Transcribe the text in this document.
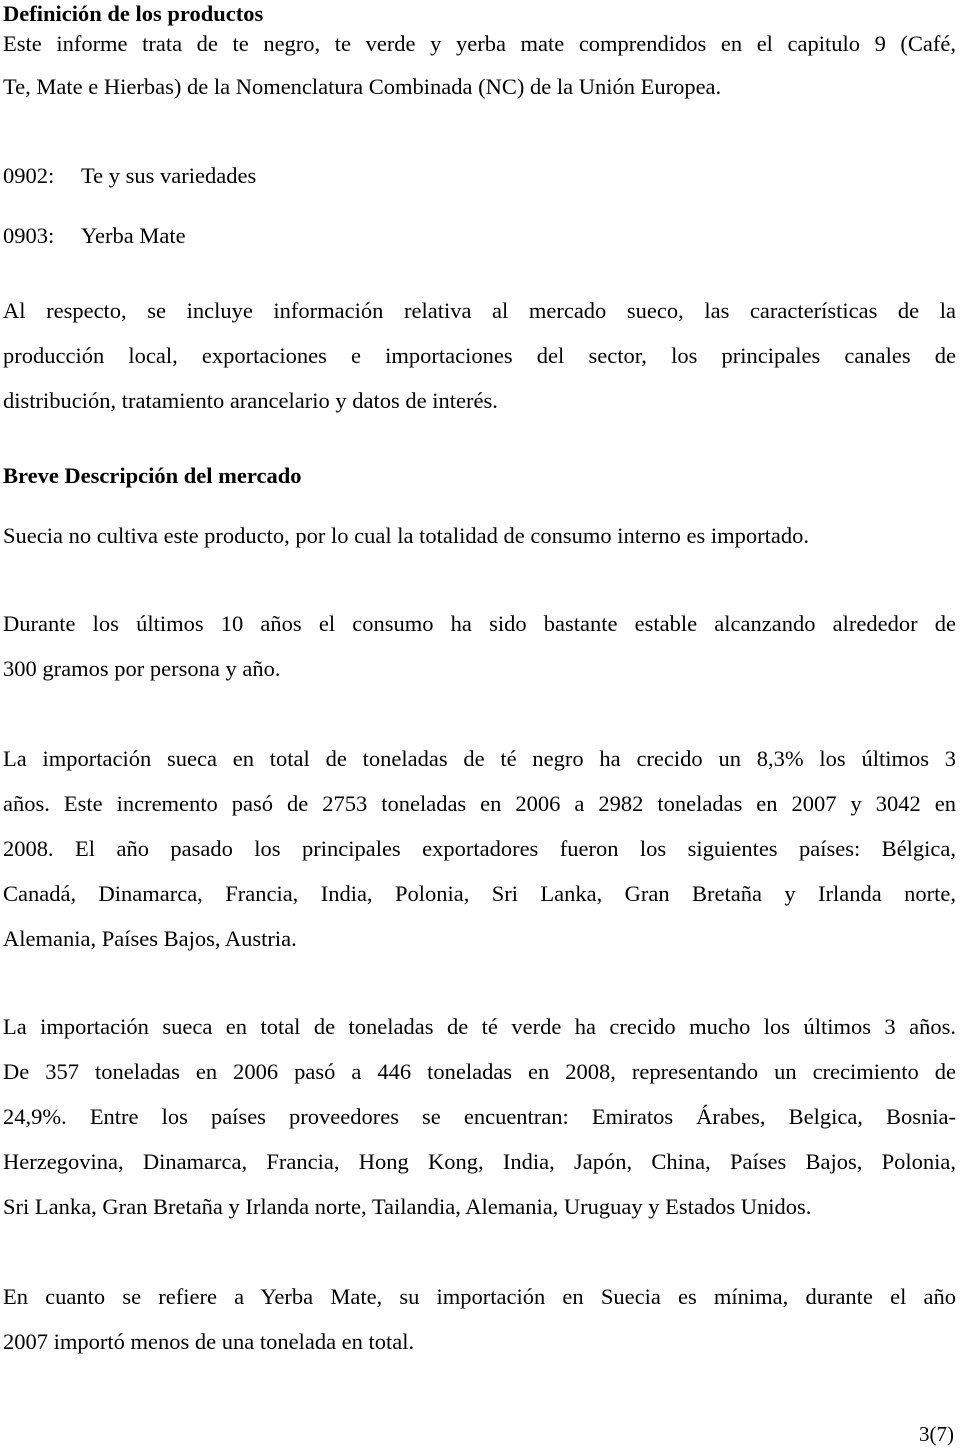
Definición de los productos
Este informe trata de te negro, te verde y yerba mate comprendidos en el capitulo 9 (Café,
Te, Mate e Hierbas) de la Nomenclatura Combinada (NC) de la Unión Europea.
0902: Te y sus variedades
0903: Yerba Mate
Al respecto, se incluye información relativa al mercado sueco, las características de la
producción local, exportaciones e importaciones del sector, los principales canales de
distribución, tratamiento arancelario y datos de interés.
Breve Descripción del mercado
Suecia no cultiva este producto, por lo cual la totalidad de consumo interno es importado.
Durante los últimos 10 años el consumo ha sido bastante estable alcanzando alrededor de
300 gramos por persona y año.
La importación sueca en total de toneladas de té negro ha crecido un 8,3% los últimos 3
años. Este incremento pasó de 2753 toneladas en 2006 a 2982 toneladas en 2007 y 3042 en
2008. El año pasado los principales exportadores fueron los siguientes países: Bélgica,
Canadá, Dinamarca, Francia, India, Polonia, Sri Lanka, Gran Bretaña y Irlanda norte,
Alemania, Países Bajos, Austria.
La importación sueca en total de toneladas de té verde ha crecido mucho los últimos 3 años.
De 357 toneladas en 2006 pasó a 446 toneladas en 2008, representando un crecimiento de
24,9%. Entre los países proveedores se encuentran: Emiratos Árabes, Belgica, Bosnia-
Herzegovina, Dinamarca, Francia, Hong Kong, India, Japón, China, Países Bajos, Polonia,
Sri Lanka, Gran Bretaña y Irlanda norte, Tailandia, Alemania, Uruguay y Estados Unidos.
En cuanto se refiere a Yerba Mate, su importación en Suecia es mínima, durante el año
2007 importó menos de una tonelada en total.
3(7)
